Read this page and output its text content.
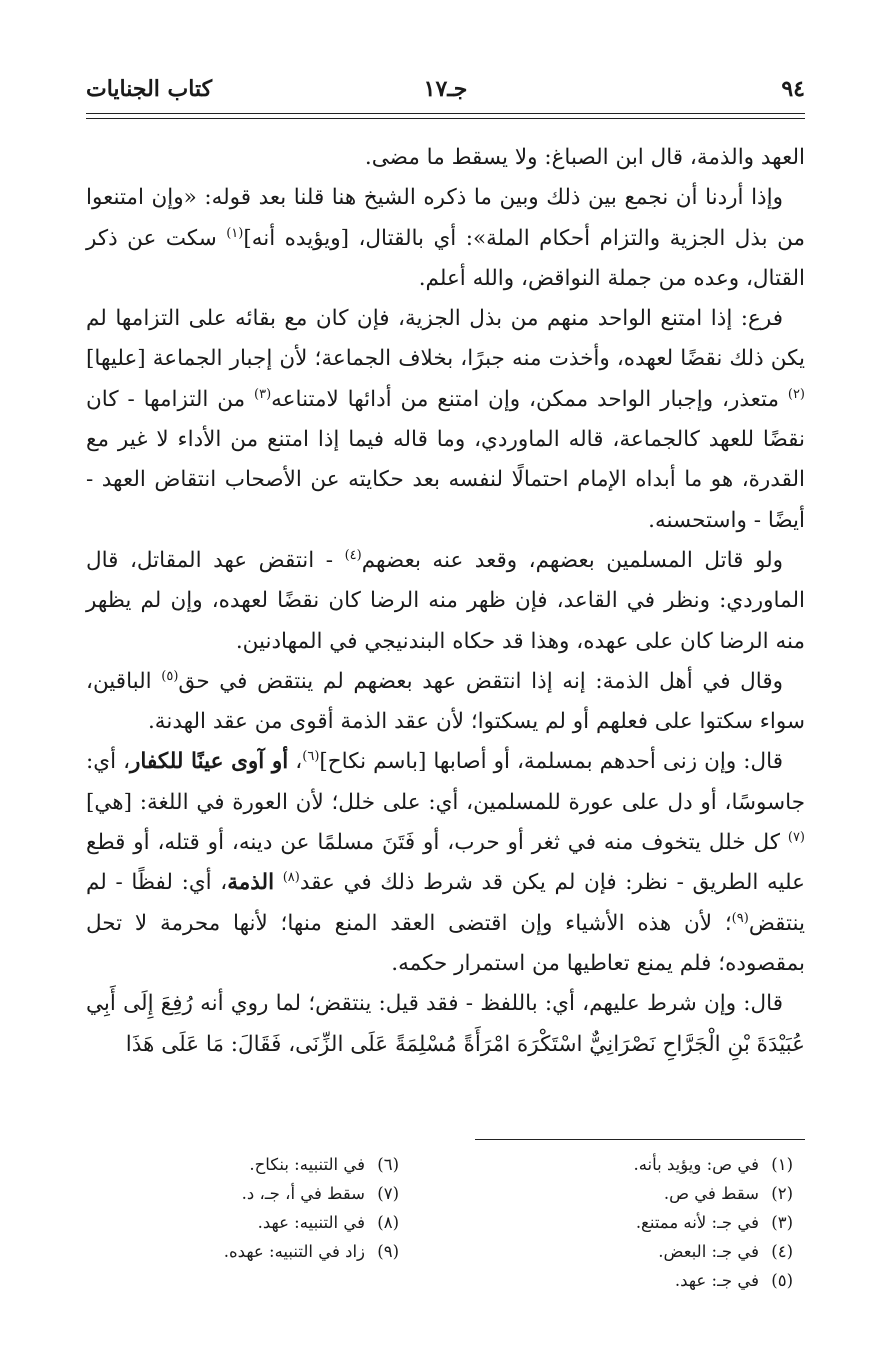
٩٤
جـ١٧
كتاب الجنايات

العهد والذمة، قال ابن الصباغ: ولا يسقط ما مضى.

وإذا أردنا أن نجمع بين ذلك وبين ما ذكره الشيخ هنا قلنا بعد قوله: «وإن امتنعوا من بذل الجزية والتزام أحكام الملة»: أي بالقتال، [ويؤيده أنه]$^{(١)}$ سكت عن ذكر القتال، وعده من جملة النواقض، والله أعلم.

فرع: إذا امتنع الواحد منهم من بذل الجزية، فإن كان مع بقائه على التزامها لم يكن ذلك نقضًا لعهده، وأخذت منه جبرًا، بخلاف الجماعة؛ لأن إجبار الجماعة [عليها]$^{(٢)}$ متعذر، وإجبار الواحد ممكن، وإن امتنع من أدائها لامتناعه$^{(٣)}$ من التزامها - كان نقضًا للعهد كالجماعة، قاله الماوردي، وما قاله فيما إذا امتنع من الأداء لا غير مع القدرة، هو ما أبداه الإمام احتمالًا لنفسه بعد حكايته عن الأصحاب انتقاض العهد - أيضًا - واستحسنه.

ولو قاتل المسلمين بعضهم، وقعد عنه بعضهم$^{(٤)}$ - انتقض عهد المقاتل، قال الماوردي: ونظر في القاعد، فإن ظهر منه الرضا كان نقضًا لعهده، وإن لم يظهر منه الرضا كان على عهده، وهذا قد حكاه البندنيجي في المهادنين.

وقال في أهل الذمة: إنه إذا انتقض عهد بعضهم لم ينتقض في حق$^{(٥)}$ الباقين، سواء سكتوا على فعلهم أو لم يسكتوا؛ لأن عقد الذمة أقوى من عقد الهدنة.

قال: وإن زنى أحدهم بمسلمة، أو أصابها [باسم نكاح]$^{(٦)}$، أو آوى عينًا للكفار، أي: جاسوسًا، أو دل على عورة للمسلمين، أي: على خلل؛ لأن العورة في اللغة: [هي]$^{(٧)}$ كل خلل يتخوف منه في ثغر أو حرب، أو فَتَنَ مسلمًا عن دينه، أو قتله، أو قطع عليه الطريق - نظر: فإن لم يكن قد شرط ذلك في عقد$^{(٨)}$ الذمة، أي: لفظًا - لم ينتقض$^{(٩)}$؛ لأن هذه الأشياء وإن اقتضى العقد المنع منها؛ لأنها محرمة لا تحل بمقصوده؛ فلم يمنع تعاطيها من استمرار حكمه.

قال: وإن شرط عليهم، أي: باللفظ - فقد قيل: ينتقض؛ لما روي أنه رُفِعَ إِلَى أَبِي عُبَيْدَةَ بْنِ الْجَرَّاحِ نَصْرَانِيٌّ اسْتَكْرَهَ امْرَأَةً مُسْلِمَةً عَلَى الزِّنَى، فَقَالَ: مَا عَلَى هَذَا

(١)في ص: ويؤيد بأنه.
(٢)سقط في ص.
(٣)في جـ: لأنه ممتنع.
(٤)في جـ: البعض.
(٥)في جـ: عهد.
(٦)في التنبيه: بنكاح.
(٧)سقط في أ، جـ، د.
(٨)في التنبيه: عهد.
(٩)زاد في التنبيه: عهده.
